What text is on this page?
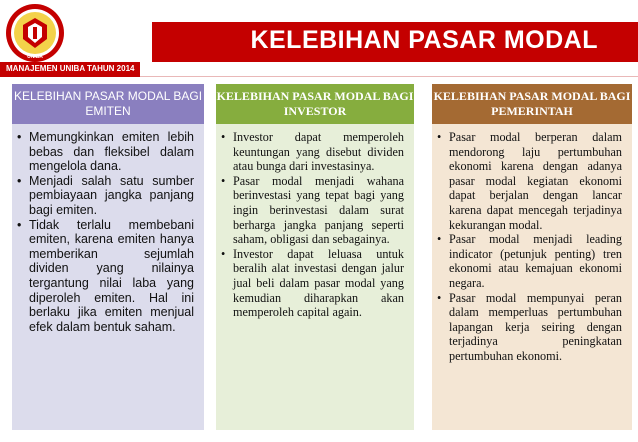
UNIBA
KELEBIHAN PASAR MODAL
MANAJEMEN UNIBA TAHUN 2014
KELEBIHAN PASAR MODAL BAGI EMITEN
• Memungkinkan emiten lebih bebas dan fleksibel dalam mengelola dana.
• Menjadi salah satu sumber pembiayaan jangka panjang bagi emiten.
• Tidak terlalu membebani emiten, karena emiten hanya memberikan sejumlah dividen yang nilainya tergantung nilai laba yang diperoleh emiten. Hal ini berlaku jika emiten menjual efek dalam bentuk saham.
KELEBIHAN PASAR MODAL BAGI INVESTOR
• Investor dapat memperoleh keuntungan yang disebut dividen atau bunga dari investasinya.
• Pasar modal menjadi wahana berinvestasi yang tepat bagi yang ingin berinvestasi dalam surat berharga jangka panjang seperti saham, obligasi dan sebagainya.
• Investor dapat leluasa untuk beralih alat investasi dengan jalur jual beli dalam pasar modal yang kemudian diharapkan akan memperoleh capital again.
KELEBIHAN PASAR MODAL BAGI PEMERINTAH
• Pasar modal berperan dalam mendorong laju pertumbuhan ekonomi karena dengan adanya pasar modal kegiatan ekonomi dapat berjalan dengan lancar karena dapat mencegah terjadinya kekurangan modal.
• Pasar modal menjadi leading indicator (petunjuk penting) tren ekonomi atau kemajuan ekonomi negara.
• Pasar modal mempunyai peran dalam memperluas pertumbuhan lapangan kerja seiring dengan terjadinya peningkatan pertumbuhan ekonomi.
